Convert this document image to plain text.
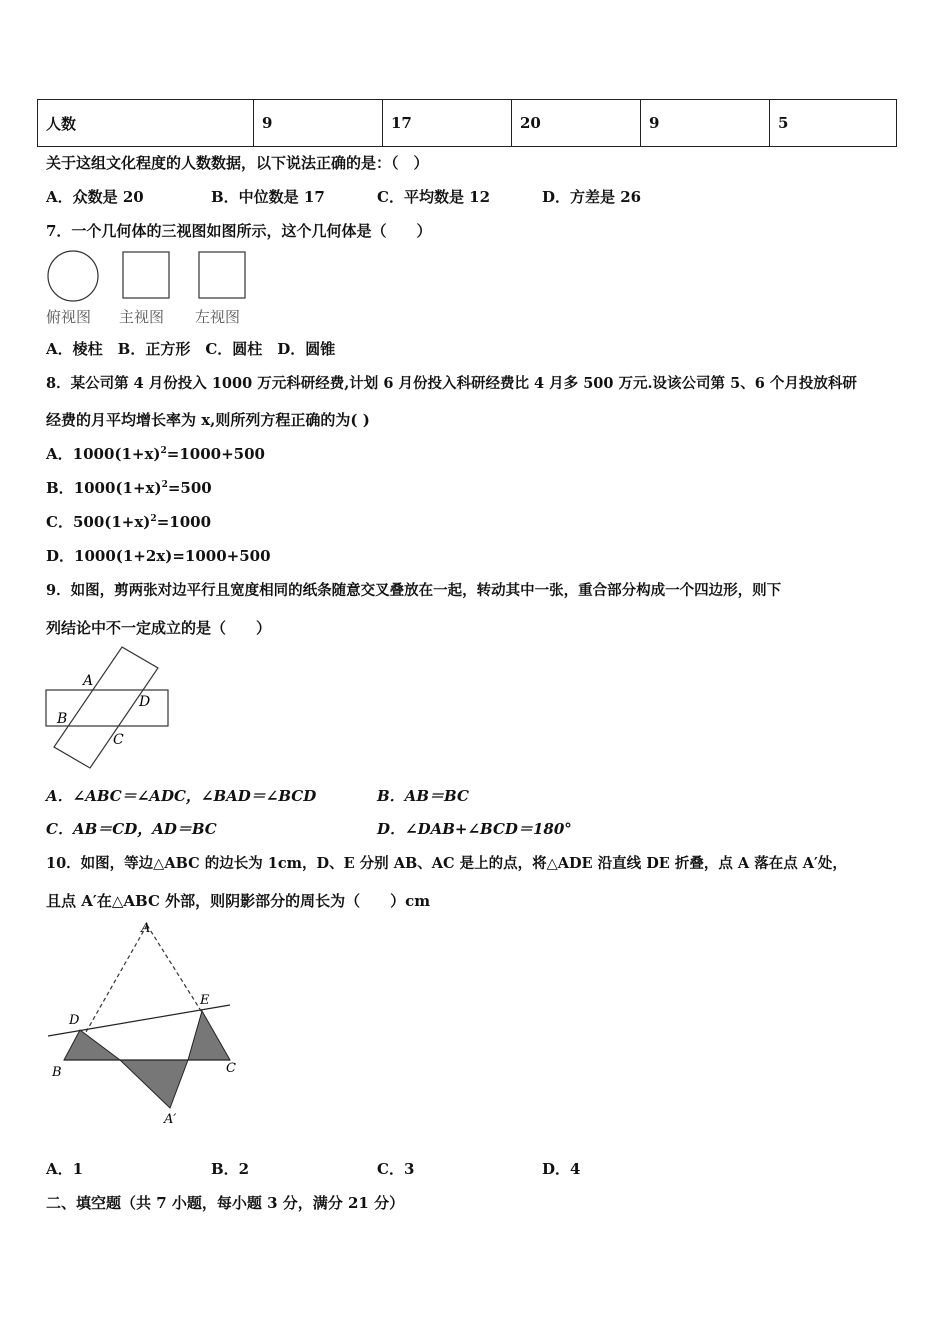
人数	9	17	20	9	5
关于这组文化程度的人数数据，以下说法正确的是：（　）
A．众数是 20	B．中位数是 17	C．平均数是 12	D．方差是 26
7．一个几何体的三视图如图所示，这个几何体是（　　）
俯视图 主视图 左视图
A．棱柱　B．正方形　C．圆柱　D．圆锥
8．某公司第 4 月份投入 1000 万元科研经费,计划 6 月份投入科研经费比 4 月多 500 万元.设该公司第 5、6 个月投放科研
经费的月平均增长率为 x,则所列方程正确的为( )
A．$1000(1+x)^2=1000+500$
B．$1000(1+x)^2=500$
C．$500(1+x)^2=1000$
D．1000(1+2x)=1000+500
9．如图，剪两张对边平行且宽度相同的纸条随意交叉叠放在一起，转动其中一张，重合部分构成一个四边形，则下
列结论中不一定成立的是（　　）
A
B
C
D
A．∠ABC＝∠ADC，∠BAD＝∠BCD	B．AB＝BC
C．AB＝CD，AD＝BC	D．∠DAB+∠BCD＝180°
10．如图，等边△ABC 的边长为 1cm，D、E 分别 AB、AC 是上的点，将△ADE 沿直线 DE 折叠，点 A 落在点 A′处，
且点 A′在△ABC 外部，则阴影部分的周长为（　　）cm
A
D
E
B	C
A′
A．1	B．2	C．3	D．4
二、填空题（共 7 小题，每小题 3 分，满分 21 分）
